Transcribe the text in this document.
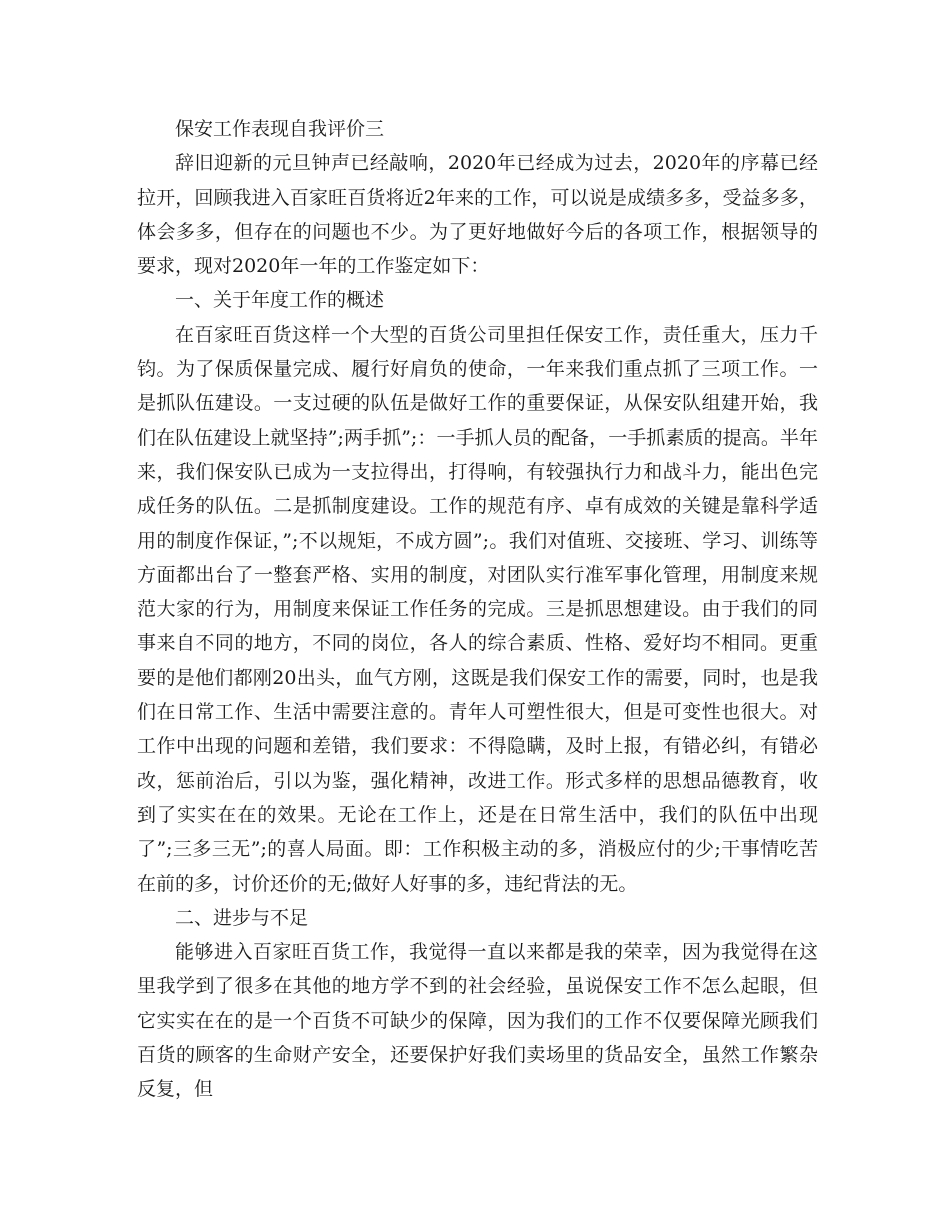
保安工作表现自我评价三

辞旧迎新的元旦钟声已经敲响，2020年已经成为过去，2020年的序幕已经拉开，回顾我进入百家旺百货将近2年来的工作，可以说是成绩多多，受益多多，体会多多，但存在的问题也不少。为了更好地做好今后的各项工作，根据领导的要求，现对2020年一年的工作鉴定如下：

一、关于年度工作的概述

在百家旺百货这样一个大型的百货公司里担任保安工作，责任重大，压力千钧。为了保质保量完成、履行好肩负的使命，一年来我们重点抓了三项工作。一是抓队伍建设。一支过硬的队伍是做好工作的重要保证，从保安队组建开始，我们在队伍建设上就坚持”;两手抓”;：一手抓人员的配备，一手抓素质的提高。半年来，我们保安队已成为一支拉得出，打得响，有较强执行力和战斗力，能出色完成任务的队伍。二是抓制度建设。工作的规范有序、卓有成效的关键是靠科学适用的制度作保证，”;不以规矩，不成方圆”;。我们对值班、交接班、学习、训练等方面都出台了一整套严格、实用的制度，对团队实行准军事化管理，用制度来规范大家的行为，用制度来保证工作任务的完成。三是抓思想建设。由于我们的同事来自不同的地方，不同的岗位，各人的综合素质、性格、爱好均不相同。更重要的是他们都刚20出头，血气方刚，这既是我们保安工作的需要，同时，也是我们在日常工作、生活中需要注意的。青年人可塑性很大，但是可变性也很大。对工作中出现的问题和差错，我们要求：不得隐瞒，及时上报，有错必纠，有错必改，惩前治后，引以为鉴，强化精神，改进工作。形式多样的思想品德教育，收到了实实在在的效果。无论在工作上，还是在日常生活中，我们的队伍中出现了”;三多三无”;的喜人局面。即：工作积极主动的多，消极应付的少;干事情吃苦在前的多，讨价还价的无;做好人好事的多，违纪背法的无。

二、进步与不足

能够进入百家旺百货工作，我觉得一直以来都是我的荣幸，因为我觉得在这里我学到了很多在其他的地方学不到的社会经验，虽说保安工作不怎么起眼，但它实实在在的是一个百货不可缺少的保障，因为我们的工作不仅要保障光顾我们百货的顾客的生命财产安全，还要保护好我们卖场里的货品安全，虽然工作繁杂反复，但
